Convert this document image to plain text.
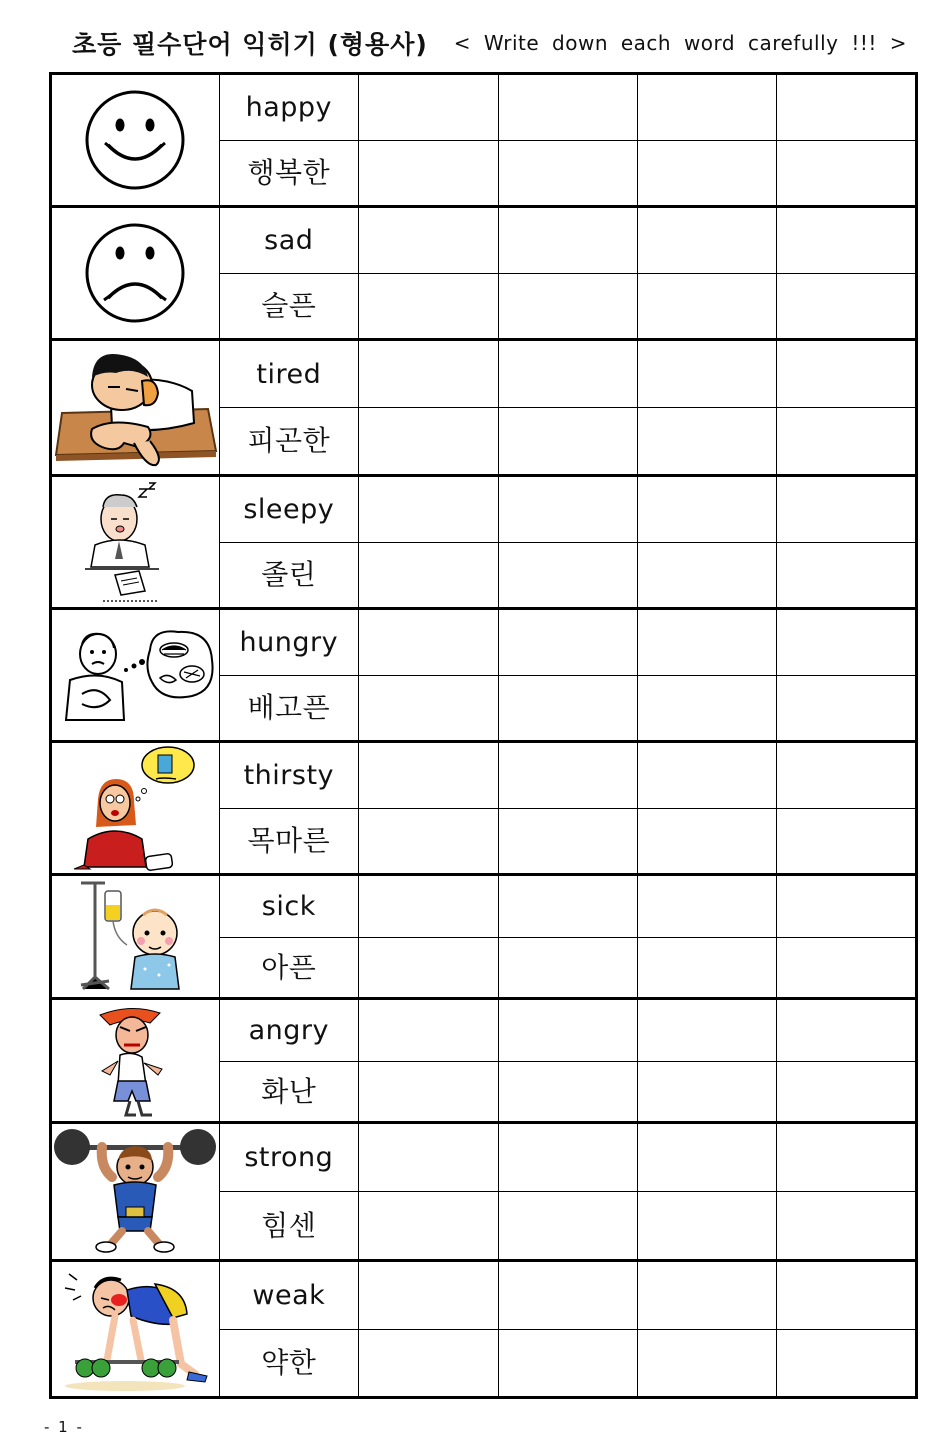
초등 필수단어 익히기 (형용사) < Write down each word carefully !!! >
	happy				
	행복한				

	sad				
	슬픈				

	tired				
	피곤한				

	sleepy				
	졸린				

	hungry				
	배고픈				

	thirsty				
	목마른				

	sick				
	아픈				

	angry				
	화난				

	strong				
	힘센				

	weak				
	약한				
- 1 -
